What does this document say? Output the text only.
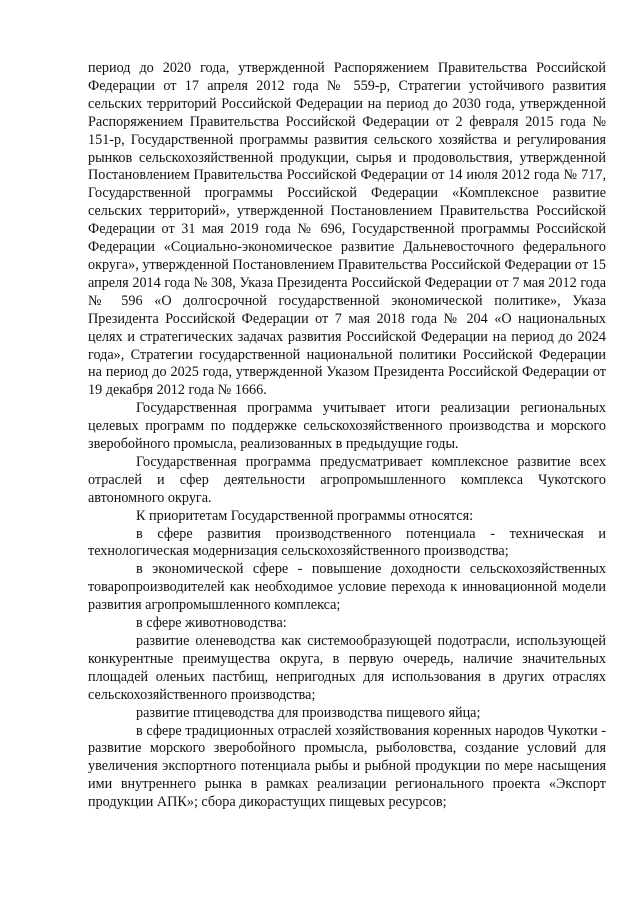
период до 2020 года, утвержденной Распоряжением Правительства Российской Федерации от 17 апреля 2012 года № 559-р, Стратегии устойчивого развития сельских территорий Российской Федерации на период до 2030 года, утвержденной Распоряжением Правительства Российской Федерации от 2 февраля 2015 года № 151-р, Государственной программы развития сельского хозяйства и регулирования рынков сельскохозяйственной продукции, сырья и продовольствия, утвержденной Постановлением Правительства Российской Федерации от 14 июля 2012 года № 717, Государственной программы Российской Федерации «Комплексное развитие сельских территорий», утвержденной Постановлением Правительства Российской Федерации от 31 мая 2019 года № 696, Государственной программы Российской Федерации «Социально-экономическое развитие Дальневосточного федерального округа», утвержденной Постановлением Правительства Российской Федерации от 15 апреля 2014 года № 308, Указа Президента Российской Федерации от 7 мая 2012 года № 596 «О долгосрочной государственной экономической политике», Указа Президента Российской Федерации от 7 мая 2018 года № 204 «О национальных целях и стратегических задачах развития Российской Федерации на период до 2024 года», Стратегии государственной национальной политики Российской Федерации на период до 2025 года, утвержденной Указом Президента Российской Федерации от 19 декабря 2012 года № 1666.

Государственная программа учитывает итоги реализации региональных целевых программ по поддержке сельскохозяйственного производства и морского зверобойного промысла, реализованных в предыдущие годы.

Государственная программа предусматривает комплексное развитие всех отраслей и сфер деятельности агропромышленного комплекса Чукотского автономного округа.

К приоритетам Государственной программы относятся:

в сфере развития производственного потенциала - техническая и технологическая модернизация сельскохозяйственного производства;

в экономической сфере - повышение доходности сельскохозяйственных товаропроизводителей как необходимое условие перехода к инновационной модели развития агропромышленного комплекса;

в сфере животноводства:

развитие оленеводства как системообразующей подотрасли, использующей конкурентные преимущества округа, в первую очередь, наличие значительных площадей оленьих пастбищ, непригодных для использования в других отраслях сельскохозяйственного производства;

развитие птицеводства для производства пищевого яйца;

в сфере традиционных отраслей хозяйствования коренных народов Чукотки - развитие морского зверобойного промысла, рыболовства, создание условий для увеличения экспортного потенциала рыбы и рыбной продукции по мере насыщения ими внутреннего рынка в рамках реализации регионального проекта «Экспорт продукции АПК»; сбора дикорастущих пищевых ресурсов;
